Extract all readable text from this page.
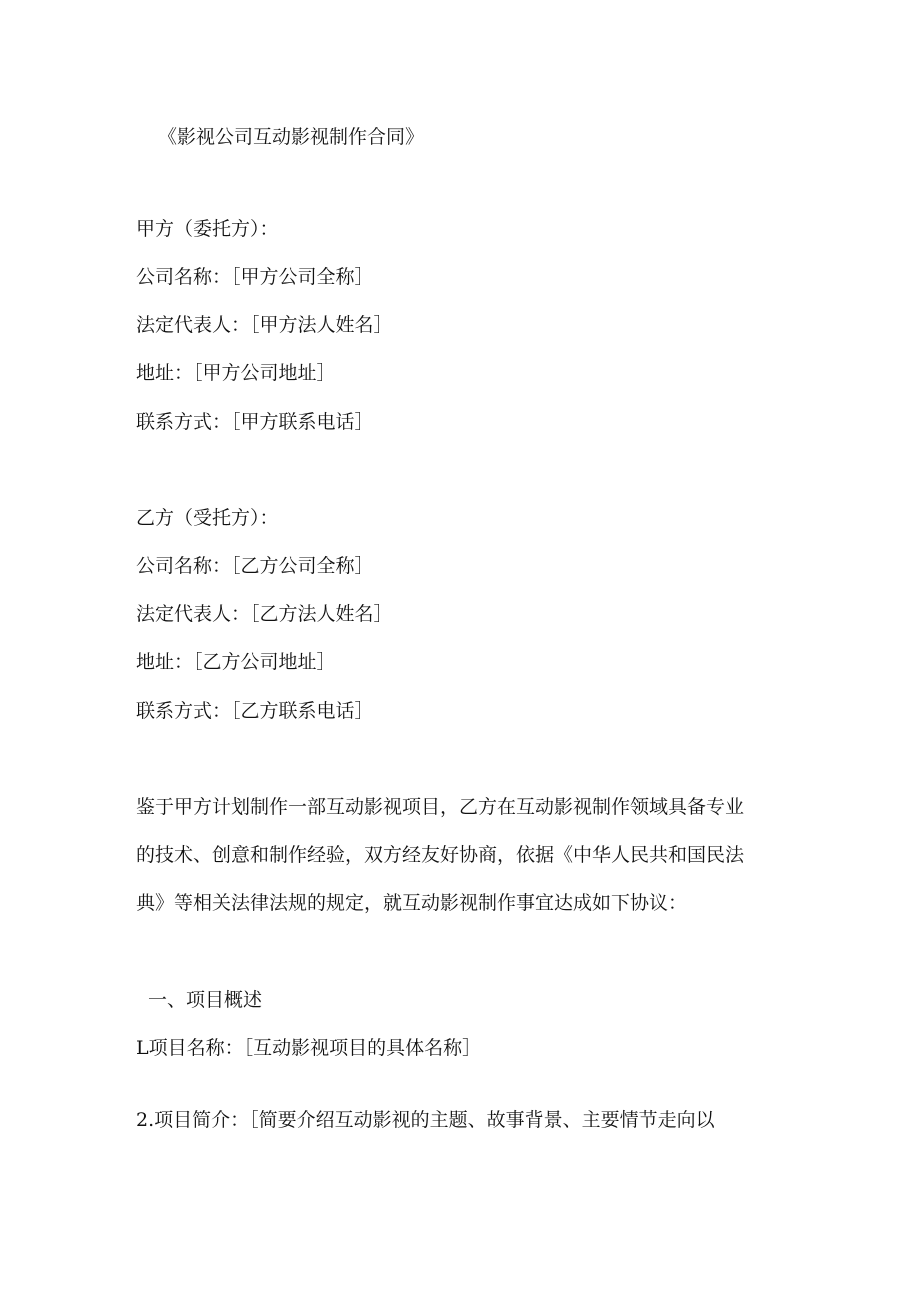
《影视公司互动影视制作合同》
甲方（委托方）：
公司名称：［甲方公司全称］
法定代表人：［甲方法人姓名］
地址：［甲方公司地址］
联系方式：［甲方联系电话］
乙方（受托方）：
公司名称：［乙方公司全称］
法定代表人：［乙方法人姓名］
地址：［乙方公司地址］
联系方式：［乙方联系电话］
鉴于甲方计划制作一部互动影视项目，乙方在互动影视制作领域具备专业
的技术、创意和制作经验，双方经友好协商，依据《中华人民共和国民法
典》等相关法律法规的规定，就互动影视制作事宜达成如下协议：
一、项目概述
L项目名称：［互动影视项目的具体名称］
2.项目简介：［简要介绍互动影视的主题、故事背景、主要情节走向以
